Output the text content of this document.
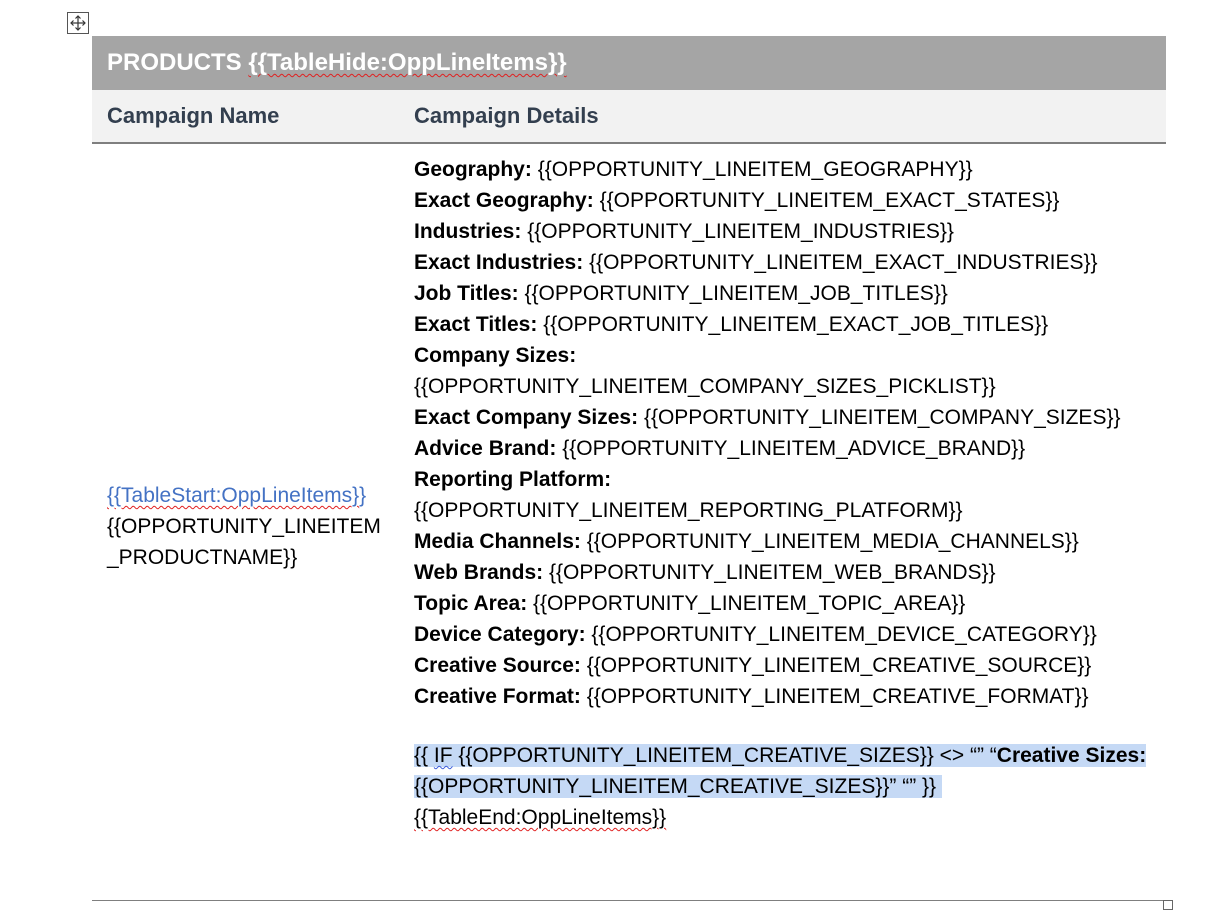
PRODUCTS {{TableHide:OppLineItems}}
Campaign Name	Campaign Details
{{TableStart:OppLineItems}}{{OPPORTUNITY_LINEITEM_PRODUCTNAME}}
Geography: {{OPPORTUNITY_LINEITEM_GEOGRAPHY}}
Exact Geography: {{OPPORTUNITY_LINEITEM_EXACT_STATES}}
Industries: {{OPPORTUNITY_LINEITEM_INDUSTRIES}}
Exact Industries: {{OPPORTUNITY_LINEITEM_EXACT_INDUSTRIES}}
Job Titles: {{OPPORTUNITY_LINEITEM_JOB_TITLES}}
Exact Titles: {{OPPORTUNITY_LINEITEM_EXACT_JOB_TITLES}}
Company Sizes: {{OPPORTUNITY_LINEITEM_COMPANY_SIZES_PICKLIST}}
Exact Company Sizes: {{OPPORTUNITY_LINEITEM_COMPANY_SIZES}}
Advice Brand: {{OPPORTUNITY_LINEITEM_ADVICE_BRAND}}
Reporting Platform: {{OPPORTUNITY_LINEITEM_REPORTING_PLATFORM}}
Media Channels: {{OPPORTUNITY_LINEITEM_MEDIA_CHANNELS}}
Web Brands: {{OPPORTUNITY_LINEITEM_WEB_BRANDS}}
Topic Area: {{OPPORTUNITY_LINEITEM_TOPIC_AREA}}
Device Category: {{OPPORTUNITY_LINEITEM_DEVICE_CATEGORY}}
Creative Source: {{OPPORTUNITY_LINEITEM_CREATIVE_SOURCE}}
Creative Format: {{OPPORTUNITY_LINEITEM_CREATIVE_FORMAT}}
{{ IF {{OPPORTUNITY_LINEITEM_CREATIVE_SIZES}} <> “” “Creative Sizes: {{OPPORTUNITY_LINEITEM_CREATIVE_SIZES}}” “” }}
{{TableEnd:OppLineItems}}
